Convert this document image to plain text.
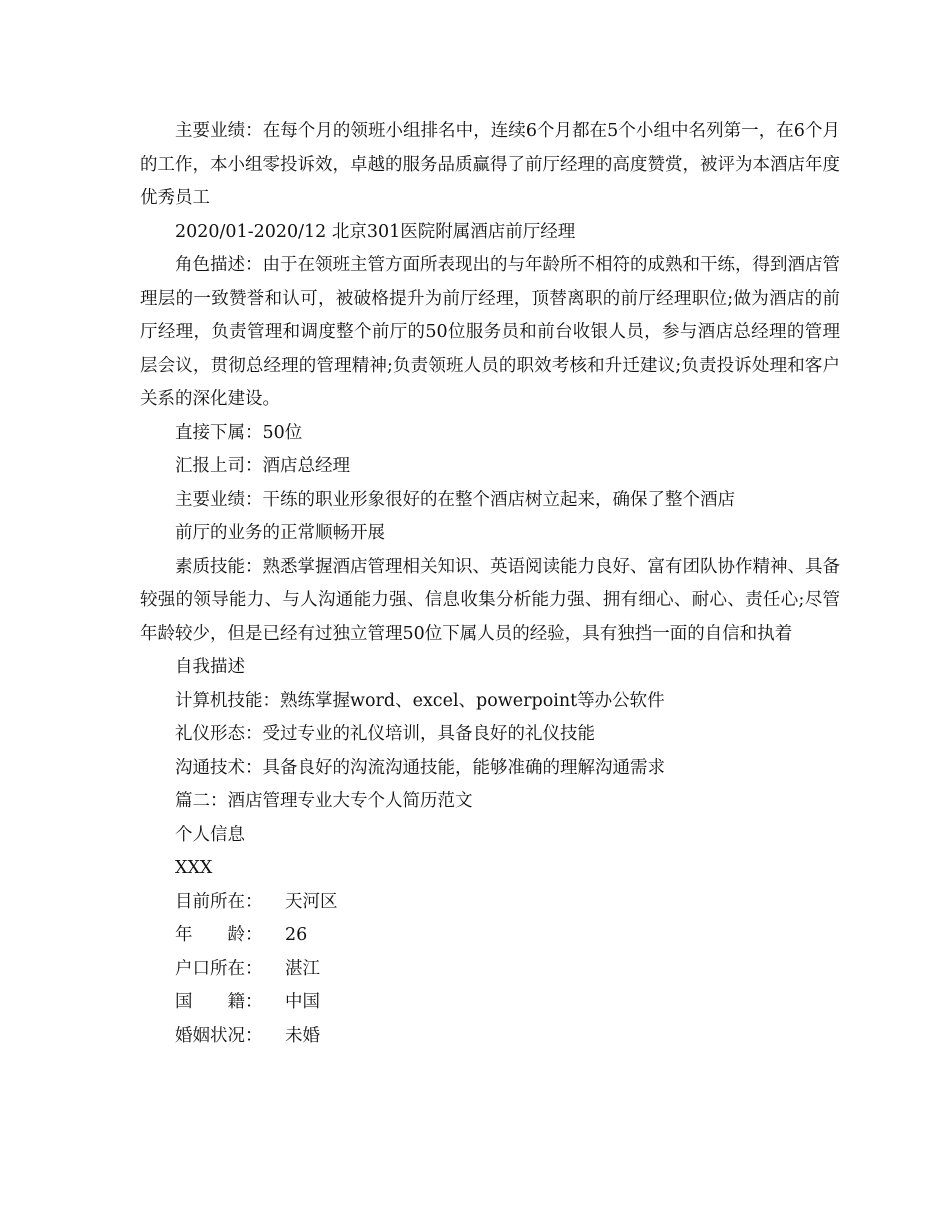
主要业绩：在每个月的领班小组排名中，连续6个月都在5个小组中名列第一，在6个月的工作，本小组零投诉效，卓越的服务品质赢得了前厅经理的高度赞赏，被评为本酒店年度优秀员工

2020/01-2020/12 北京301医院附属酒店前厅经理

角色描述：由于在领班主管方面所表现出的与年龄所不相符的成熟和干练，得到酒店管理层的一致赞誉和认可，被破格提升为前厅经理，顶替离职的前厅经理职位;做为酒店的前厅经理，负责管理和调度整个前厅的50位服务员和前台收银人员，参与酒店总经理的管理层会议，贯彻总经理的管理精神;负责领班人员的职效考核和升迁建议;负责投诉处理和客户关系的深化建设。

直接下属：50位

汇报上司：酒店总经理

主要业绩：干练的职业形象很好的在整个酒店树立起来，确保了整个酒店

前厅的业务的正常顺畅开展

素质技能：熟悉掌握酒店管理相关知识、英语阅读能力良好、富有团队协作精神、具备较强的领导能力、与人沟通能力强、信息收集分析能力强、拥有细心、耐心、责任心;尽管年龄较少，但是已经有过独立管理50位下属人员的经验，具有独挡一面的自信和执着

自我描述

计算机技能：熟练掌握word、excel、powerpoint等办公软件

礼仪形态：受过专业的礼仪培训，具备良好的礼仪技能

沟通技术：具备良好的沟流沟通技能，能够准确的理解沟通需求

篇二：酒店管理专业大专个人简历范文

个人信息

XXX

目 前 所 在 ：	天河区
年 龄 ：	26
户 口 所 在 ：	湛江
国 籍 ：	中国
婚 姻 状 况 ：	未婚
